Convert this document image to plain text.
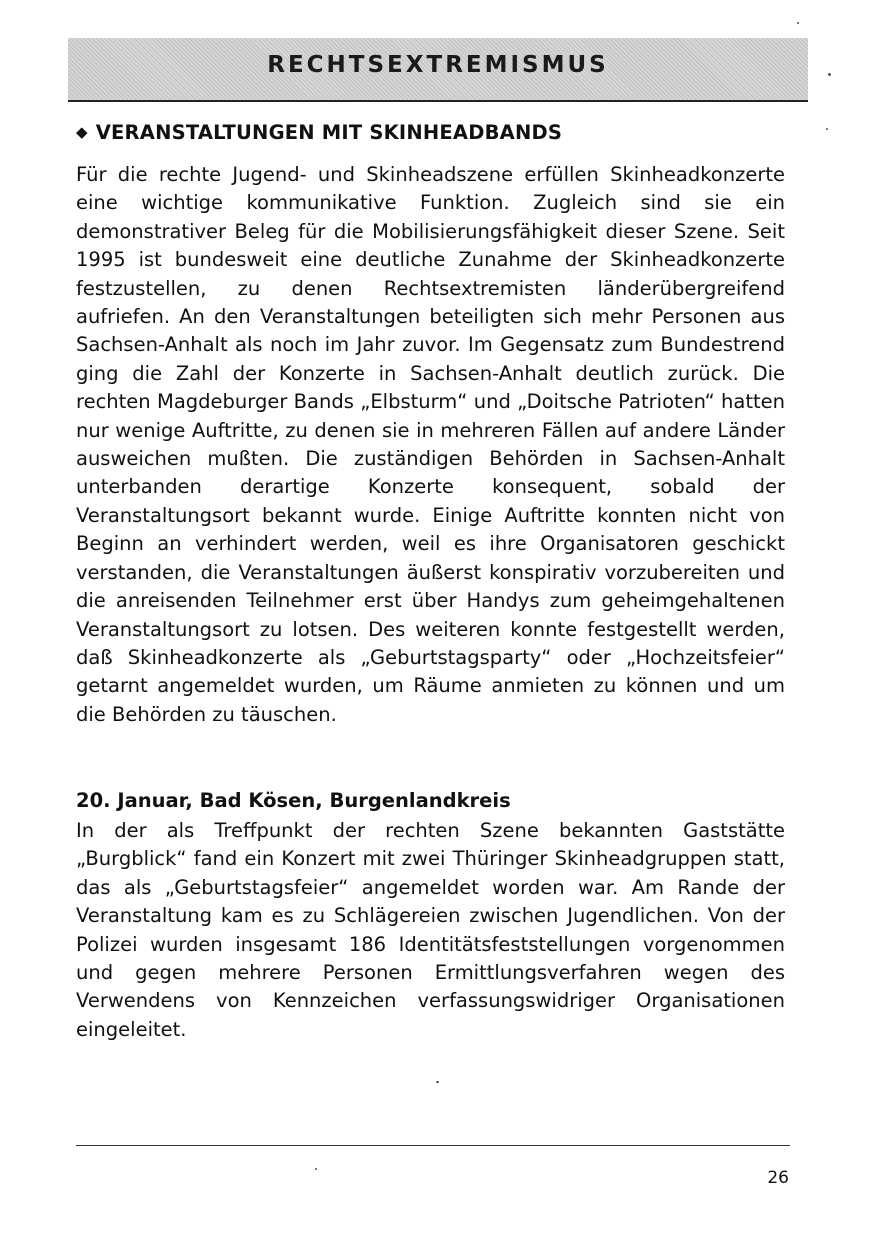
RECHTSEXTREMISMUS
◆ VERANSTALTUNGEN MIT SKINHEADBANDS
Für die rechte Jugend- und Skinheadszene erfüllen Skinheadkonzerte eine wichtige kommunikative Funktion. Zugleich sind sie ein demonstrativer Beleg für die Mobilisierungsfähigkeit dieser Szene. Seit 1995 ist bundesweit eine deutliche Zunahme der Skinheadkonzerte festzustellen, zu denen Rechtsextremisten länderübergreifend aufriefen. An den Veranstaltungen beteiligten sich mehr Personen aus Sachsen-Anhalt als noch im Jahr zuvor. Im Gegensatz zum Bundestrend ging die Zahl der Konzerte in Sachsen-Anhalt deutlich zurück. Die rechten Magdeburger Bands „Elbsturm“ und „Doitsche Patrioten“ hatten nur wenige Auftritte, zu denen sie in mehreren Fällen auf andere Länder ausweichen mußten. Die zuständigen Behörden in Sachsen-Anhalt unterbanden derartige Konzerte konsequent, sobald der Veranstaltungsort bekannt wurde. Einige Auftritte konnten nicht von Beginn an verhindert werden, weil es ihre Organisatoren geschickt verstanden, die Veranstaltungen äußerst konspirativ vorzubereiten und die anreisenden Teilnehmer erst über Handys zum geheimgehaltenen Veranstaltungsort zu lotsen. Des weiteren konnte festgestellt werden, daß Skinheadkonzerte als „Geburtstagsparty“ oder „Hochzeitsfeier“ getarnt angemeldet wurden, um Räume anmieten zu können und um die Behörden zu täuschen.
20. Januar, Bad Kösen, Burgenlandkreis
In der als Treffpunkt der rechten Szene bekannten Gaststätte „Burgblick“ fand ein Konzert mit zwei Thüringer Skinheadgruppen statt, das als „Geburtstagsfeier“ angemeldet worden war. Am Rande der Veranstaltung kam es zu Schlägereien zwischen Jugendlichen. Von der Polizei wurden insgesamt 186 Identitätsfeststellungen vorgenommen und gegen mehrere Personen Ermittlungsverfahren wegen des Verwendens von Kennzeichen verfassungswidriger Organisationen eingeleitet.
26
